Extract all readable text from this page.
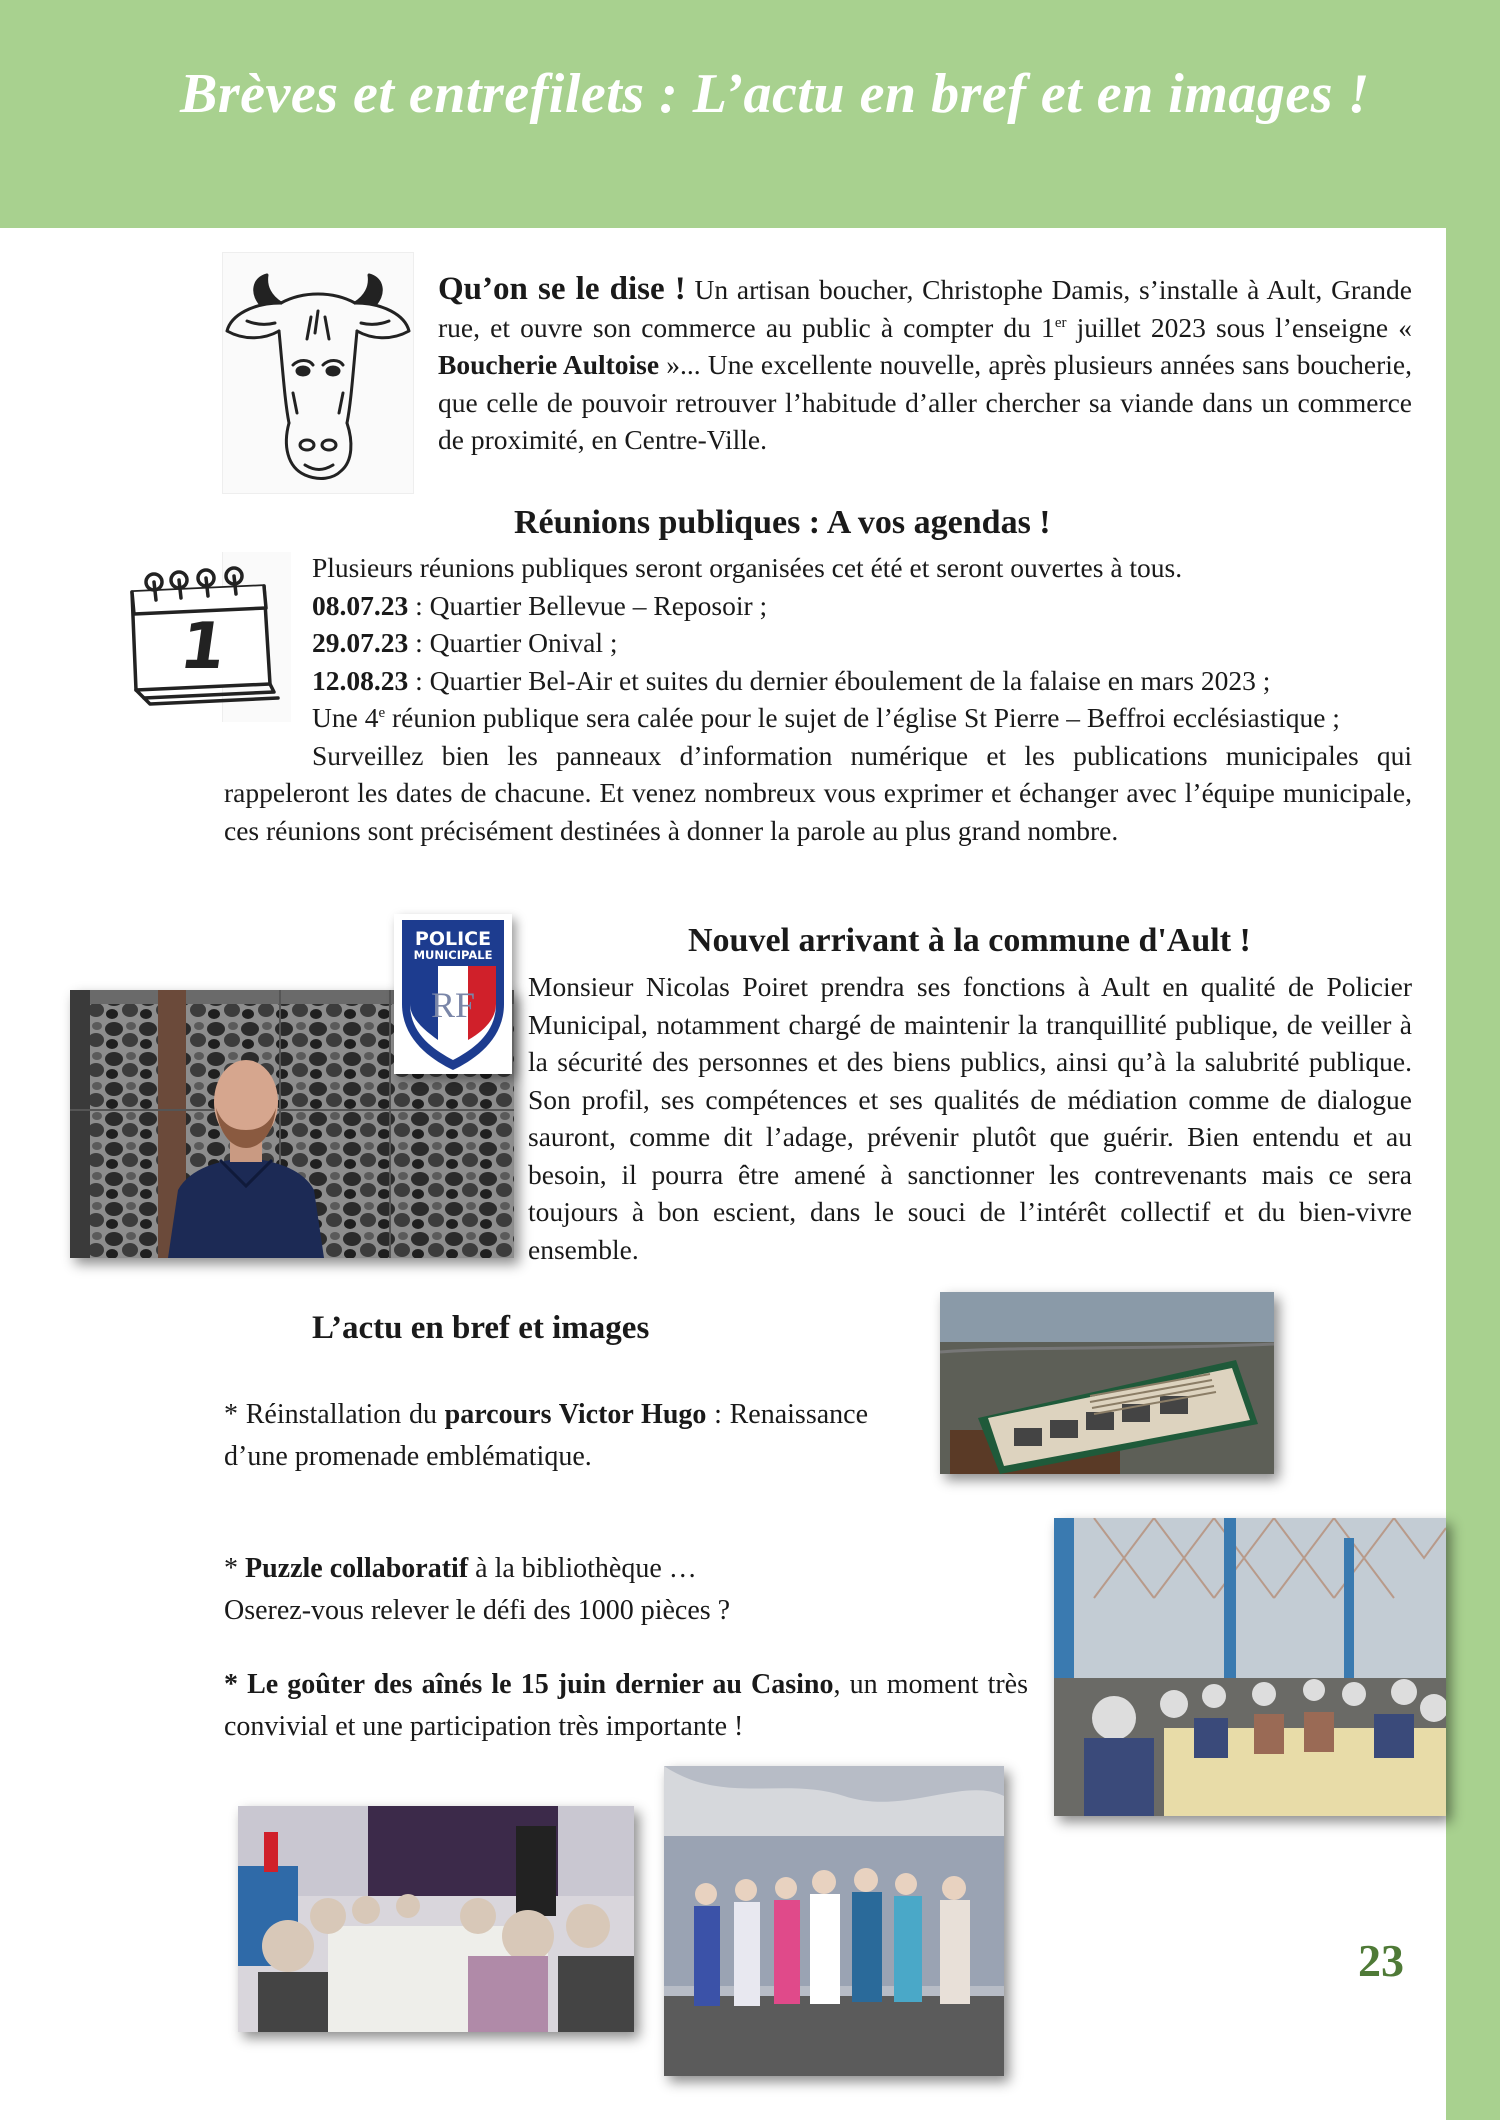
Brèves et entrefilets : L’actu en bref et en images !
Qu’on se le dise ! Un artisan boucher, Christophe Damis, s’installe à Ault, Grande rue, et ouvre son commerce au public à compter du 1er juillet 2023 sous l’enseigne « Boucherie Aultoise »... Une excellente nouvelle, après plusieurs années sans boucherie, que celle de pouvoir retrouver l’habitude d’aller chercher sa viande dans un commerce de proximité, en Centre-Ville.
Réunions publiques : A vos agendas !
1
Plusieurs réunions publiques seront organisées cet été et seront ouvertes à tous.
08.07.23 : Quartier Bellevue – Reposoir ;
29.07.23 : Quartier Onival ;
12.08.23 : Quartier Bel-Air et suites du dernier éboulement de la falaise en mars 2023 ;
Une 4e réunion publique sera calée pour le sujet de l’église St Pierre – Beffroi ecclésiastique ;
Surveillez bien les panneaux d’information numérique et les publications municipales qui rappeleront les dates de chacune. Et venez nombreux vous exprimer et échanger avec l’équipe municipale, ces réunions sont précisément destinées à donner la parole au plus grand nombre.
POLICE
MUNICIPALE
RF
Nouvel arrivant à la commune d'Ault !
Monsieur Nicolas Poiret prendra ses fonctions à Ault en qualité de Policier Municipal, notamment chargé de maintenir la tranquillité publique, de veiller à la sécurité des personnes et des biens publics, ainsi qu’à la salubrité publique. Son profil, ses compétences et ses qualités de médiation comme de dialogue sauront, comme dit l’adage, prévenir plutôt que guérir. Bien entendu et au besoin, il pourra être amené à sanctionner les contrevenants mais ce sera toujours à bon escient, dans le souci de l’intérêt collectif et du bien-vivre ensemble.
L’actu en bref et images
* Réinstallation du parcours Victor Hugo : Renaissance d’une promenade emblématique.
* Puzzle collaboratif à la bibliothèque …
Oserez-vous relever le défi des 1000 pièces ?
* Le goûter des aînés le 15 juin dernier au Casino, un moment très convivial et une participation très importante !
23
